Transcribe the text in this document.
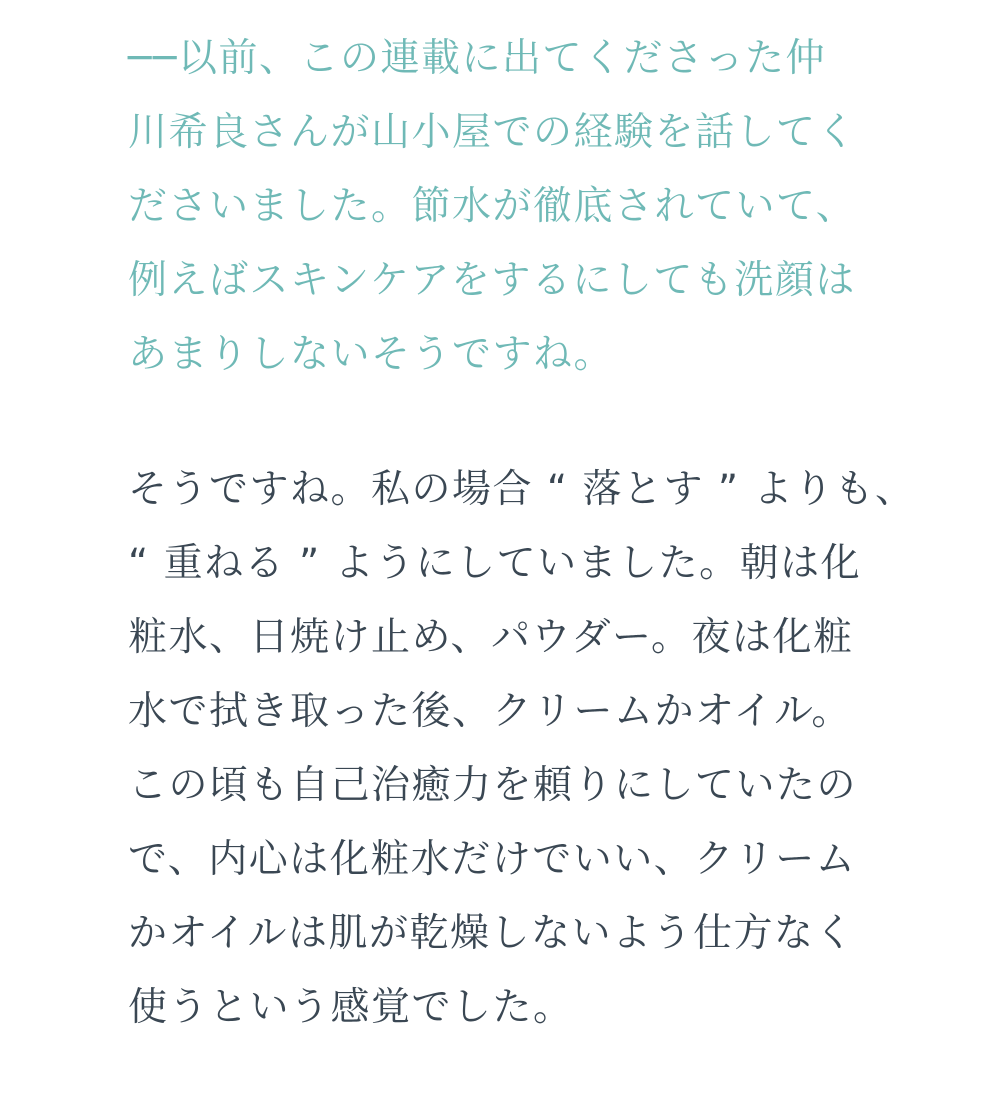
──以前、この連載に出てくださった仲
川希良さんが山小屋での経験を話してく
ださいました。節水が徹底されていて、
例えばスキンケアをするにしても洗顔は
あまりしないそうですね。
そうですね。私の場合 “ 落とす ” よりも、
“ 重ねる ” ようにしていました。朝は化
粧水、日焼け止め、パウダー。夜は化粧
水で拭き取った後、クリームかオイル。
この頃も自己治癒力を頼りにしていたの
で、内心は化粧水だけでいい、クリーム
かオイルは肌が乾燥しないよう仕方なく
使うという感覚でした。
